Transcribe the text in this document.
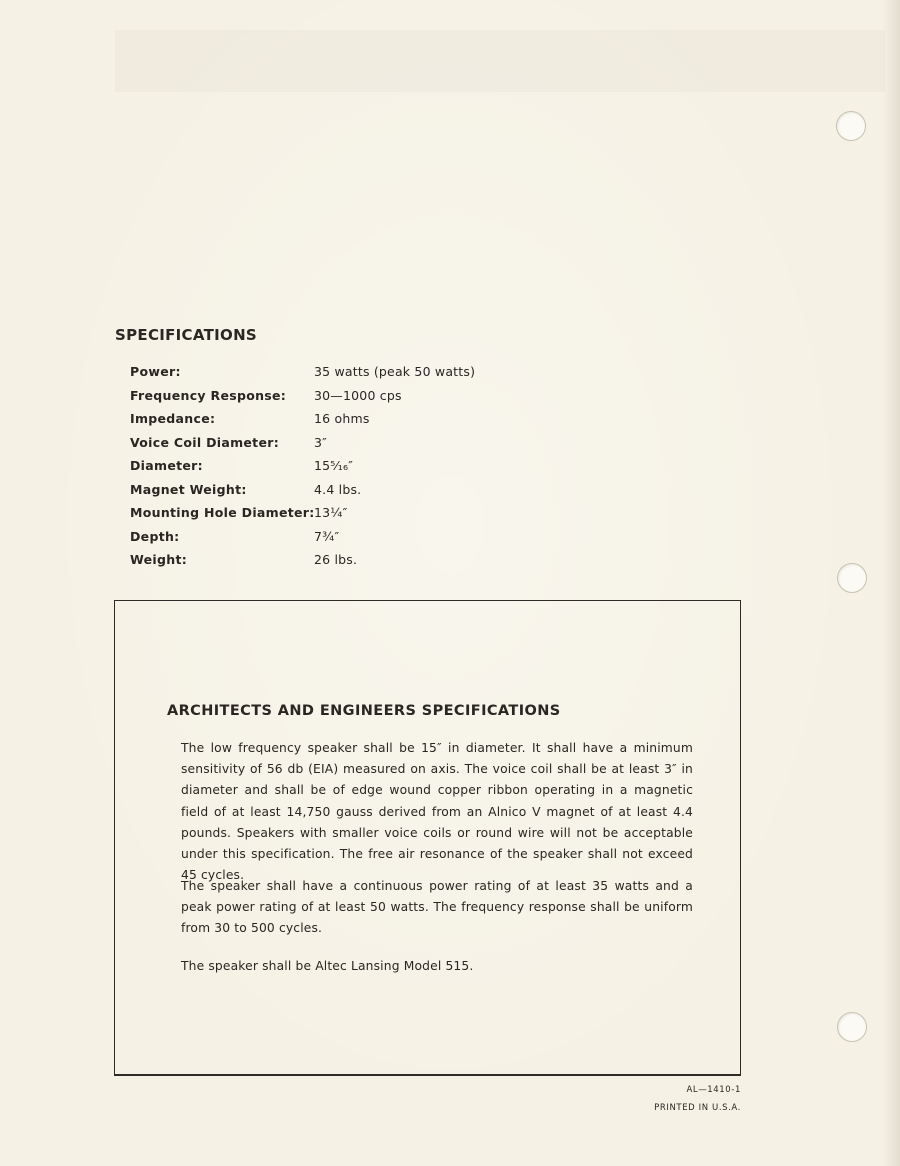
SPECIFICATIONS
Power:	35 watts (peak 50 watts)
Frequency Response:	30—1000 cps
Impedance:	16 ohms
Voice Coil Diameter:	3″
Diameter:	15⁵⁄₁₆″
Magnet Weight:	4.4 lbs.
Mounting Hole Diameter: 13¼″
Depth:	7¾″
Weight:	26 lbs.
ARCHITECTS AND ENGINEERS SPECIFICATIONS

The low frequency speaker shall be 15″ in diameter. It shall have a minimum sensitivity of 56 db (EIA) measured on axis. The voice coil shall be at least 3″ in diameter and shall be of edge wound copper ribbon operating in a magnetic field of at least 14,750 gauss derived from an Alnico V magnet of at least 4.4 pounds. Speakers with smaller voice coils or round wire will not be acceptable under this specification. The free air resonance of the speaker shall not exceed 45 cycles.

The speaker shall have a continuous power rating of at least 35 watts and a peak power rating of at least 50 watts. The frequency response shall be uniform from 30 to 500 cycles.

The speaker shall be Altec Lansing Model 515.

AL—1410-1
PRINTED IN U.S.A.
